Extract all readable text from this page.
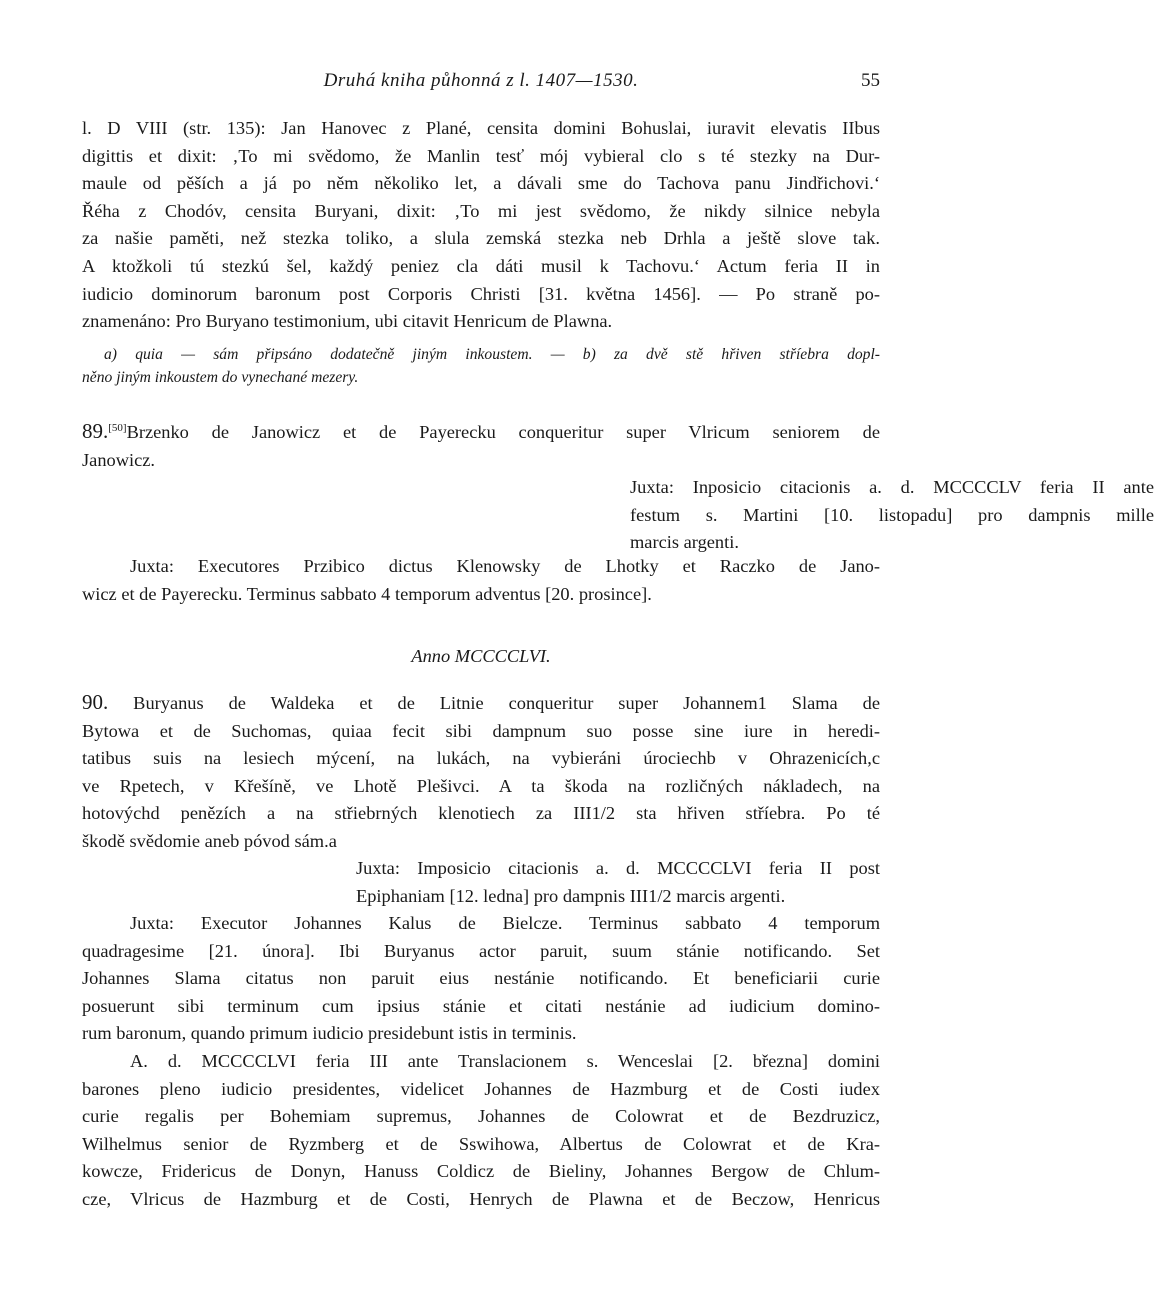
Druhá kniha půhonná z l. 1407—1530.	55
l. D VIII (str. 135): Jan Hanovec z Plané, censita domini Bohuslai, iuravit elevatis IIbus
digittis et dixit: ‚To mi svědomo, že Manlin tesť mój vybieral clo s té stezky na Dur-
maule od pěších a já po něm několiko let, a dávali sme do Tachova panu Jindřichovi.‘
Řéha z Chodóv, censita Buryani, dixit: ‚To mi jest svědomo, že nikdy silnice nebyla
za našie paměti, než stezka toliko, a slula zemská stezka neb Drhla a ještě slove tak.
A ktožkoli tú stezkú šel, každý peniez cla dáti musil k Tachovu.‘ Actum feria II in
iudicio dominorum baronum post Corporis Christi [31. května 1456]. — Po straně po-
znamenáno: Pro Buryano testimonium, ubi citavit Henricum de Plawna.
a) quia — sám připsáno dodatečně jiným inkoustem. — b) za dvě stě hřiven stříebra dopl-
něno jiným inkoustem do vynechané mezery.
89.[50]Brzenko de Janowicz et de Payerecku conqueritur super Vlricum seniorem de
Janowicz.
Juxta: Inposicio citacionis a. d. MCCCCLV feria II ante
festum s. Martini [10. listopadu] pro dampnis mille
marcis argenti.
Juxta: Executores Przibico dictus Klenowsky de Lhotky et Raczko de Jano-
wicz et de Payerecku. Terminus sabbato 4 temporum adventus [20. prosince].
Anno MCCCCLVI.
90. Buryanus de Waldeka et de Litnie conqueritur super Johannem1 Slama de
Bytowa et de Suchomas, quiaa fecit sibi dampnum suo posse sine iure in heredi-
tatibus suis na lesiech mýcení, na lukách, na vybieráni úrociechb v Ohrazenicích,c
ve Rpetech, v Křešíně, ve Lhotě Plešivci. A ta škoda na rozličných nákladech, na
hotovýchd penězích a na střiebrných klenotiech za III1/2 sta hřiven stříebra. Po té
škodě svědomie aneb póvod sám.a
Juxta: Imposicio citacionis a. d. MCCCCLVI feria II post
Epiphaniam [12. ledna] pro dampnis III1/2 marcis argenti.
Juxta: Executor Johannes Kalus de Bielcze. Terminus sabbato 4 temporum
quadragesime [21. února]. Ibi Buryanus actor paruit, suum stánie notificando. Set
Johannes Slama citatus non paruit eius nestánie notificando. Et beneficiarii curie
posuerunt sibi terminum cum ipsius stánie et citati nestánie ad iudicium domino-
rum baronum, quando primum iudicio presidebunt istis in terminis.
A. d. MCCCCLVI feria III ante Translacionem s. Wenceslai [2. března] domini
barones pleno iudicio presidentes, videlicet Johannes de Hazmburg et de Costi iudex
curie regalis per Bohemiam supremus, Johannes de Colowrat et de Bezdruzicz,
Wilhelmus senior de Ryzmberg et de Sswihowa, Albertus de Colowrat et de Kra-
kowcze, Fridericus de Donyn, Hanuss Coldicz de Bieliny, Johannes Bergow de Chlum-
cze, Vlricus de Hazmburg et de Costi, Henrych de Plawna et de Beczow, Henricus
